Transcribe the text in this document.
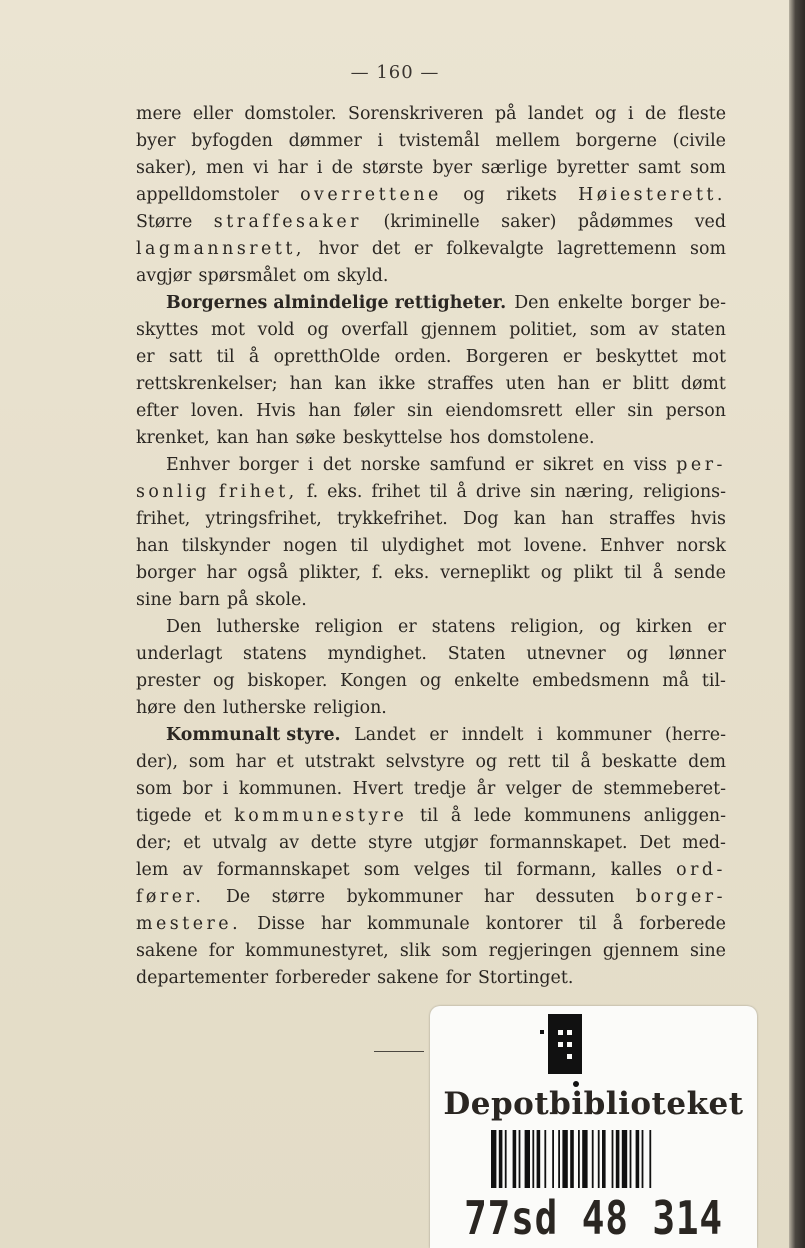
— 160 —
mere eller domstoler. Sorenskriveren på landet og i de fleste
byer byfogden dømmer i tvistemål mellem borgerne (civile
saker), men vi har i de største byer særlige byretter samt som
appelldomstoler overrettene og rikets Høiesterett.
Større straffesaker (kriminelle saker) pådømmes ved
lagmannsrett, hvor det er folkevalgte lagrettemenn som
avgjør spørsmålet om skyld.
Borgernes almindelige rettigheter. Den enkelte borger be-
skyttes mot vold og overfall gjennem politiet, som av staten
er satt til å opretthOlde orden. Borgeren er beskyttet mot
rettskrenkelser; han kan ikke straffes uten han er blitt dømt
efter loven. Hvis han føler sin eiendomsrett eller sin person
krenket, kan han søke beskyttelse hos domstolene.
Enhver borger i det norske samfund er sikret en viss per-
sonlig frihet, f. eks. frihet til å drive sin næring, religions-
frihet, ytringsfrihet, trykkefrihet. Dog kan han straffes hvis
han tilskynder nogen til ulydighet mot lovene. Enhver norsk
borger har også plikter, f. eks. verneplikt og plikt til å sende
sine barn på skole.
Den lutherske religion er statens religion, og kirken er
underlagt statens myndighet. Staten utnevner og lønner
prester og biskoper. Kongen og enkelte embedsmenn må til-
høre den lutherske religion.
Kommunalt styre. Landet er inndelt i kommuner (herre-
der), som har et utstrakt selvstyre og rett til å beskatte dem
som bor i kommunen. Hvert tredje år velger de stemmeberet-
tigede et kommunestyre til å lede kommunens anliggen-
der; et utvalg av dette styre utgjør formannskapet. Det med-
lem av formannskapet som velges til formann, kalles ord-
fører. De større bykommuner har dessuten borger-
mestere. Disse har kommunale kontorer til å forberede
sakene for kommunestyret, slik som regjeringen gjennem sine
departementer forbereder sakene for Stortinget.
Depotbiblioteket
77sd 48 314
